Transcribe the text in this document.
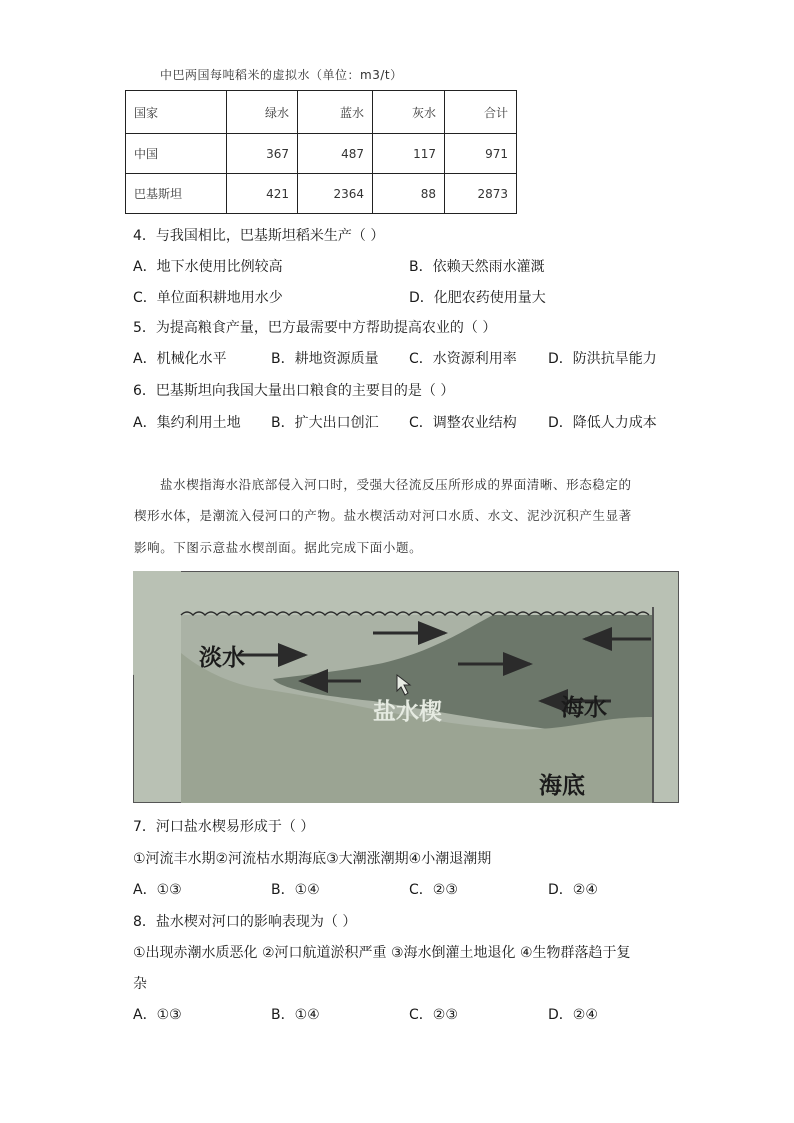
中巴两国每吨稻米的虚拟水（单位：m3/t）
国家	绿水	蓝水	灰水	合计
中国	367	487	117	971
巴基斯坦	421	2364	88	2873
4．与我国相比，巴基斯坦稻米生产（ ）
A．地下水使用比例较高	B．依赖天然雨水灌溉
C．单位面积耕地用水少	D．化肥农药使用量大
5．为提高粮食产量，巴方最需要中方帮助提高农业的（ ）
A．机械化水平	B．耕地资源质量 C．水资源利用率 D．防洪抗旱能力
6．巴基斯坦向我国大量出口粮食的主要目的是（ ）
A．集约利用土地 B．扩大出口创汇 C．调整农业结构 D．降低人力成本
盐水楔指海水沿底部侵入河口时，受强大径流反压所形成的界面清晰、形态稳定的
楔形水体，是潮流入侵河口的产物。盐水楔活动对河口水质、水文、泥沙沉积产生显著
影响。下图示意盐水楔剖面。据此完成下面小题。
淡水
盐水楔	海水
海底
7．河口盐水楔易形成于（ ）
①河流丰水期②河流枯水期海底③大潮涨潮期④小潮退潮期
A．①③	B．①④	C．②③	D．②④
8．盐水楔对河口的影响表现为（ ）
①出现赤潮水质恶化 ②河口航道淤积严重 ③海水倒灌土地退化 ④生物群落趋于复
杂
A．①③	B．①④	C．②③	D．②④
